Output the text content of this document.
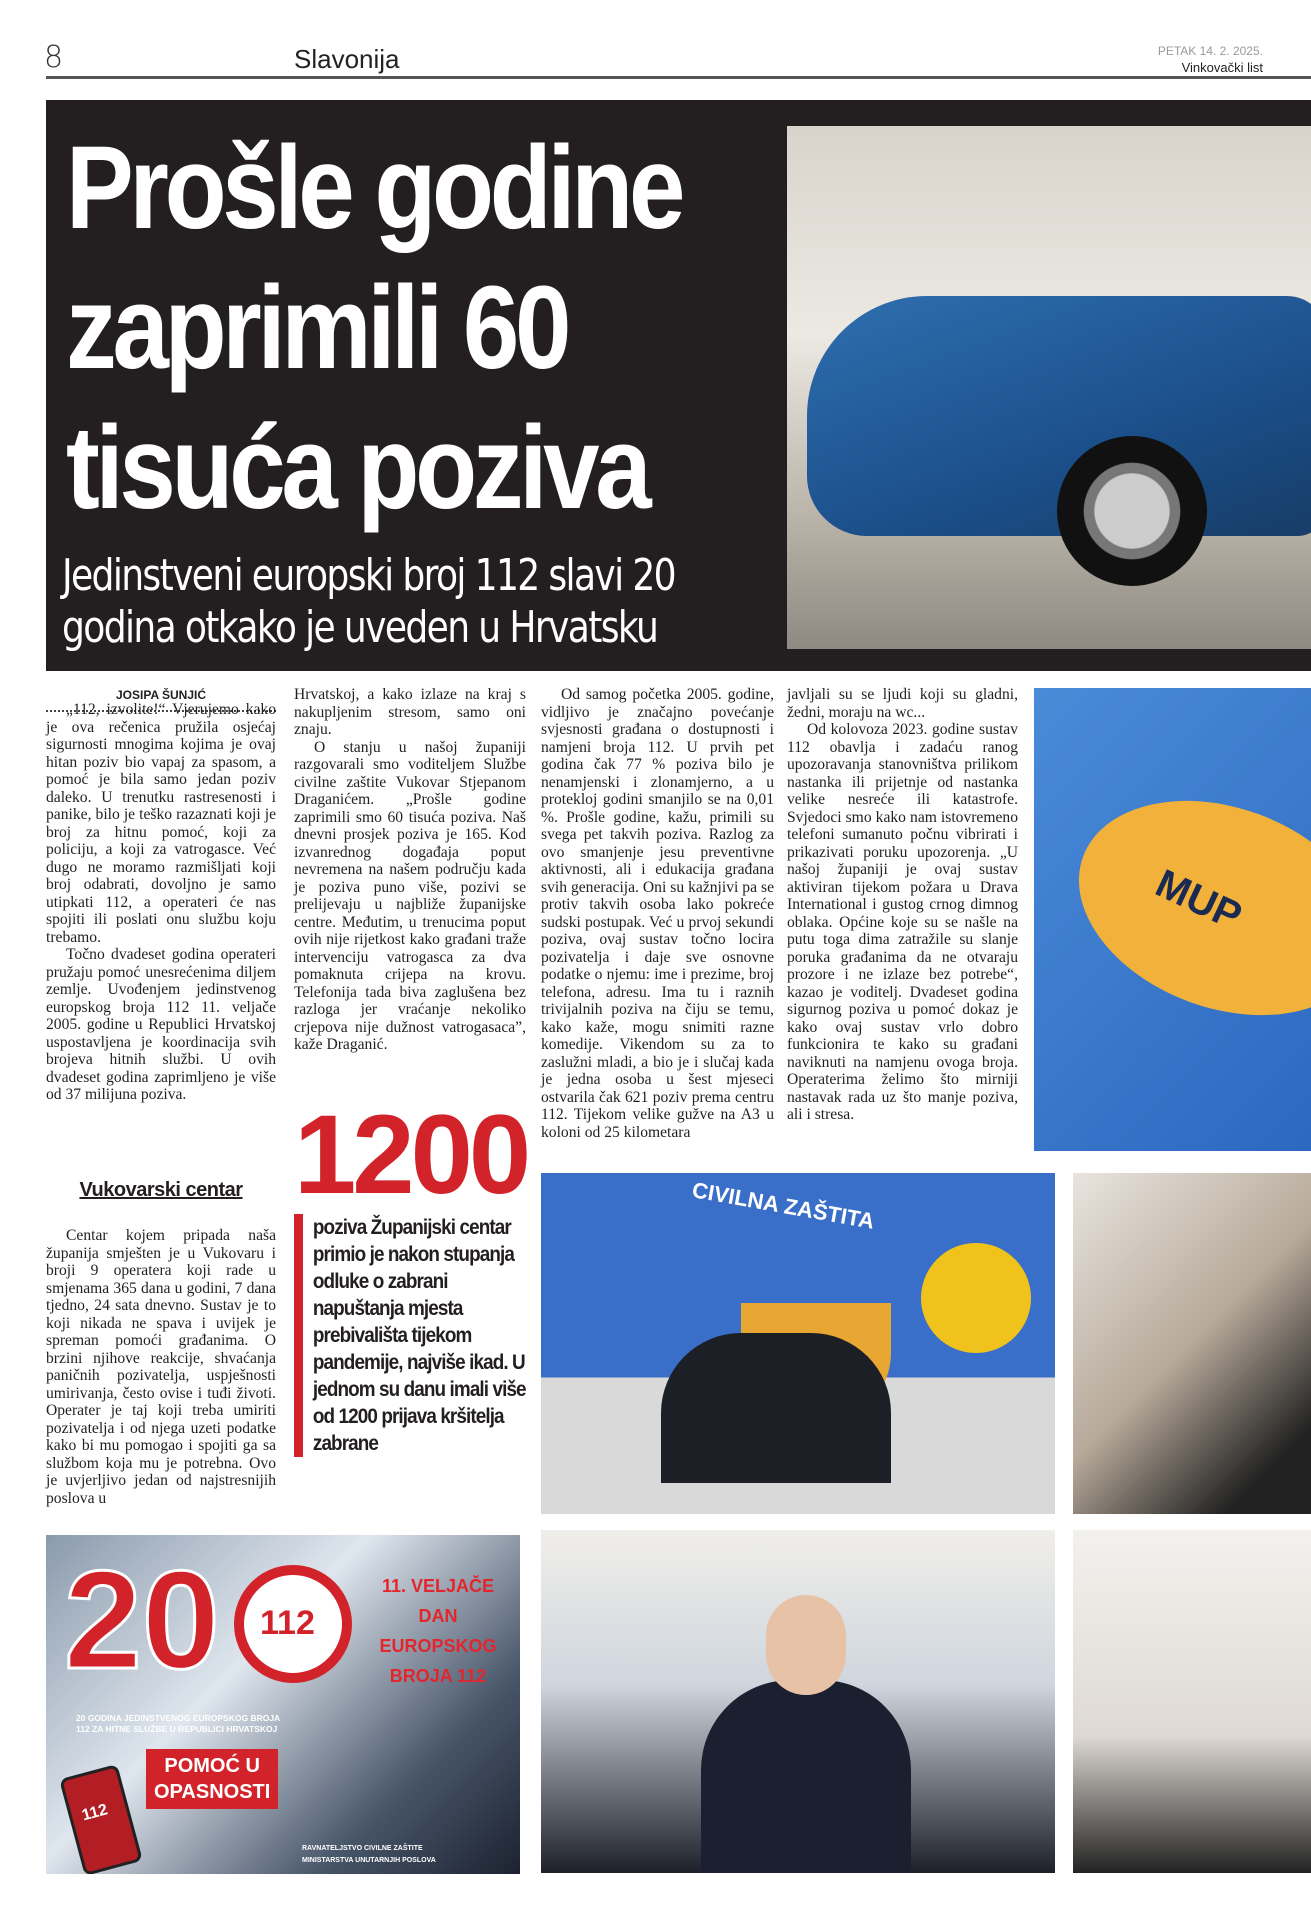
8	Slavonija	PETAK 14. 2. 2025.
Vinkovački list
Prošle godine
zaprimili 60
tisuća poziva
Jedinstveni europski broj 112 slavi 20
godina otkako je uveden u Hrvatsku
JOSIPA ŠUNJIĆ

„112, izvolite!“ Vjerujemo kako je ova rečenica pružila osjećaj sigurnosti mnogima kojima je ovaj hitan poziv bio vapaj za spasom, a pomoć je bila samo jedan poziv daleko. U trenutku rastresenosti i panike, bilo je teško razaznati koji je broj za hitnu pomoć, koji za policiju, a koji za vatrogasce. Već dugo ne moramo razmišljati koji broj odabrati, dovoljno je samo utipkati 112, a operateri će nas spojiti ili poslati onu službu koju trebamo.

Točno dvadeset godina operateri pružaju pomoć unesrećenima diljem zemlje. Uvođenjem jedinstvenog europskog broja 112 11. veljače 2005. godine u Republici Hrvatskoj uspostavljena je koordinacija svih brojeva hitnih službi. U ovih dvadeset godina zaprimljeno je više od 37 milijuna poziva.

Vukovarski centar

Centar kojem pripada naša županija smješten je u Vukovaru i broji 9 operatera koji rade u smjenama 365 dana u godini, 7 dana tjedno, 24 sata dnevno. Sustav je to koji nikada ne spava i uvijek je spreman pomoći građanima. O brzini njihove reakcije, shvaćanja paničnih pozivatelja, uspješnosti umirivanja, često ovise i tuđi životi. Operater je taj koji treba umiriti pozivatelja i od njega uzeti podatke kako bi mu pomogao i spojiti ga sa službom koja mu je potrebna. Ovo je uvjerljivo jedan od najstresnijih poslova u

Hrvatskoj, a kako izlaze na kraj s nakupljenim stresom, samo oni znaju.

O stanju u našoj županiji razgovarali smo voditeljem Službe civilne zaštite Vukovar Stjepanom Draganićem. „Prošle godine zaprimili smo 60 tisuća poziva. Naš dnevni prosjek poziva je 165. Kod izvanrednog događaja poput nevremena na našem području kada je poziva puno više, pozivi se prelijevaju u najbliže županijske centre. Međutim, u trenucima poput ovih nije rijetkost kako građani traže intervenciju vatrogasca za dva pomaknuta crijepa na krovu. Telefonija tada biva zaglušena bez razloga jer vraćanje nekoliko crjepova nije dužnost vatrogasaca”, kaže Draganić.

1200
poziva Županijski centar primio je nakon stupanja odluke o zabrani napuštanja mjesta prebivališta tijekom pandemije, najviše ikad. U jednom su danu imali više od 1200 prijava kršitelja zabrane

Od samog početka 2005. godine, vidljivo je značajno povećanje svjesnosti građana o dostupnosti i namjeni broja 112. U prvih pet godina čak 77 % poziva bilo je nenamjenski i zlonamjerno, a u protekloj godini smanjilo se na 0,01 %. Prošle godine, kažu, primili su svega pet takvih poziva. Razlog za ovo smanjenje jesu preventivne aktivnosti, ali i edukacija građana svih generacija. Oni su kažnjivi pa se protiv takvih osoba lako pokreće sudski postupak. Već u prvoj sekundi poziva, ovaj sustav točno locira pozivatelja i daje sve osnovne podatke o njemu: ime i prezime, broj telefona, adresu. Ima tu i raznih trivijalnih poziva na čiju se temu, kako kaže, mogu snimiti razne komedije. Vikendom su za to zaslužni mladi, a bio je i slučaj kada je jedna osoba u šest mjeseci ostvarila čak 621 poziv prema centru 112. Tijekom velike gužve na A3 u koloni od 25 kilometara

javljali su se ljudi koji su gladni, žedni, moraju na wc...

Od kolovoza 2023. godine sustav 112 obavlja i zadaću ranog upozoravanja stanovništva prilikom nastanka ili prijetnje od nastanka velike nesreće ili katastrofe. Svjedoci smo kako nam istovremeno telefoni sumanuto počnu vibrirati i prikazivati poruku upozorenja. „U našoj županiji je ovaj sustav aktiviran tijekom požara u Drava International i gustog crnog dimnog oblaka. Općine koje su se našle na putu toga dima zatražile su slanje poruka građanima da ne otvaraju prozore i ne izlaze bez potrebe“, kazao je voditelj. Dvadeset godina sigurnog poziva u pomoć dokaz je kako ovaj sustav vrlo dobro funkcionira te kako su građani naviknuti na namjenu ovoga broja. Operaterima želimo što mirniji nastavak rada uz što manje poziva, ali i stresa.

MUP
CIVILNA ZAŠTITA
20 112
11. VELJAČE
DAN
EUROPSKOG
BROJA 112
20 GODINA JEDINSTVENOG EUROPSKOG BROJA
112 ZA HITNE SLUŽBE U REPUBLICI HRVATSKOJ
POMOĆ U
OPASNOSTI
112
RAVNATELJSTVO CIVILNE ZAŠTITE
MINISTARSTVA UNUTARNJIH POSLOVA
